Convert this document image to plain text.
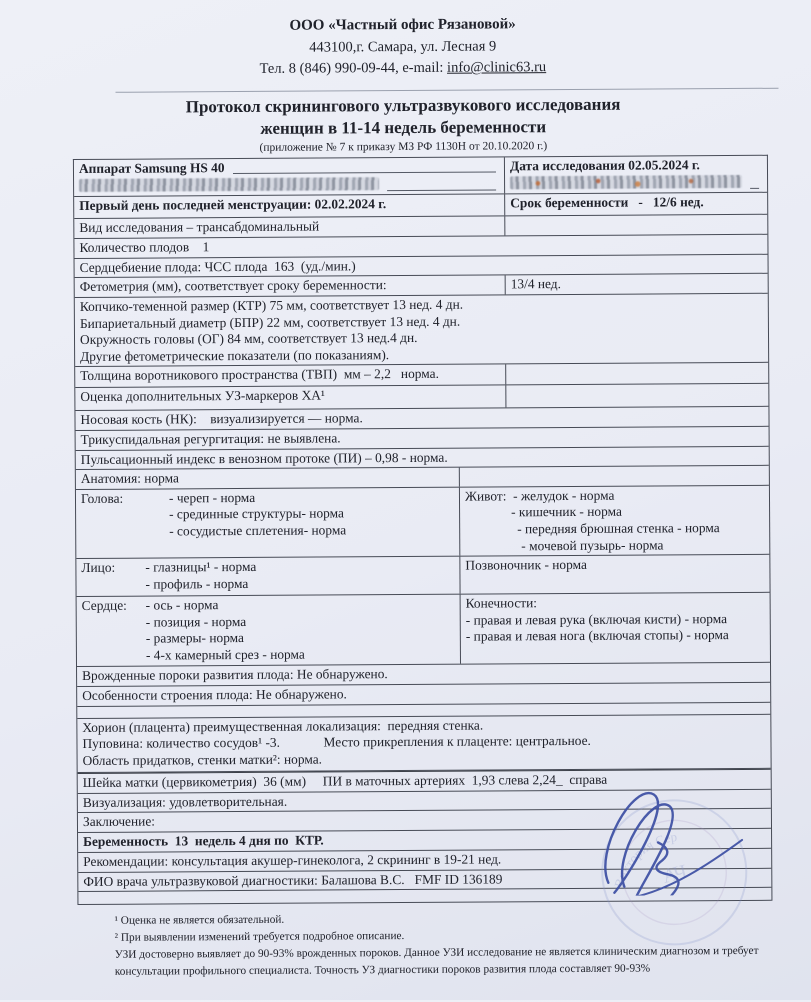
ООО «Частный офис Рязановой»
443100,г. Самара, ул. Лесная 9
Тел. 8 (846) 990-09-44, e-mail: info@clinic63.ru
Протокол скринингового ультразвукового исследования
женщин в 11-14 недель беременности
(приложение № 7 к приказу МЗ РФ 1130Н от 20.10.2020 г.)
Аппарат Samsung HS 40	Дата исследования 02.05.2024 г.
Первый день последней менструации: 02.02.2024 г.	Срок беременности   -   12/6 нед.
Вид исследования – трансабдоминальный
Количество плодов    1
Сердцебиение плода: ЧСС плода  163  (уд./мин.)
Фетометрия (мм), соответствует сроку беременности:	13/4 нед.
Копчико-теменной размер (КТР) 75 мм, соответствует 13 нед. 4 дн.
Бипариетальный диаметр (БПР) 22 мм, соответствует 13 нед. 4 дн.
Окружность головы (ОГ) 84 мм, соответствует 13 нед.4 дн.
Другие фетометрические показатели (по показаниям).
Толщина воротникового пространства (ТВП)  мм – 2,2   норма.
Оценка дополнительных УЗ-маркеров ХА¹
Носовая кость (НК):    визуализируется — норма.
Трикуспидальная регургитация: не выявлена.
Пульсационный индекс в венозном протоке (ПИ) – 0,98 - норма.
Анатомия: норма
Голова:	- череп - норма
- срединные структуры- норма
- сосудистые сплетения- норма
Живот:  - желудок - норма
- кишечник - норма
- передняя брюшная стенка - норма
- мочевой пузырь- норма
Лицо:	- глазницы¹ - норма
- профиль - норма
Позвоночник - норма
Сердце:	- ось - норма
- позиция - норма
- размеры- норма
- 4-х камерный срез - норма
Конечности:
- правая и левая рука (включая кисти) - норма
- правая и левая нога (включая стопы) - норма
Врожденные пороки развития плода: Не обнаружено.
Особенности строения плода: Не обнаружено.
Хорион (плацента) преимущественная локализация:  передняя стенка.
Пуповина: количество сосудов¹ -3.             Место прикрепления к плаценте: центральное.
Область придатков, стенки матки²: норма.
Шейка матки (цервикометрия)  36 (мм)     ПИ в маточных артериях  1,93 слева 2,24_  справа
Визуализация: удовлетворительная.
Заключение:
Беременность  13  недель 4 дня по  КТР.
Рекомендации: консультация акушер-гинеколога, 2 скрининг в 19-21 нед.
ФИО врача ультразвуковой диагностики: Балашова В.С.   FMF ID 136189
¹ Оценка не является обязательной.
² При выявлении изменений требуется подробное описание.
УЗИ достоверно выявляет до 90-93% врожденных пороков. Данное УЗИ исследование не является клиническим диагнозом и требует консультации профильного специалиста. Точность УЗ диагностики пороков развития плода составляет 90-93%
Виктория Сер
АЧ
